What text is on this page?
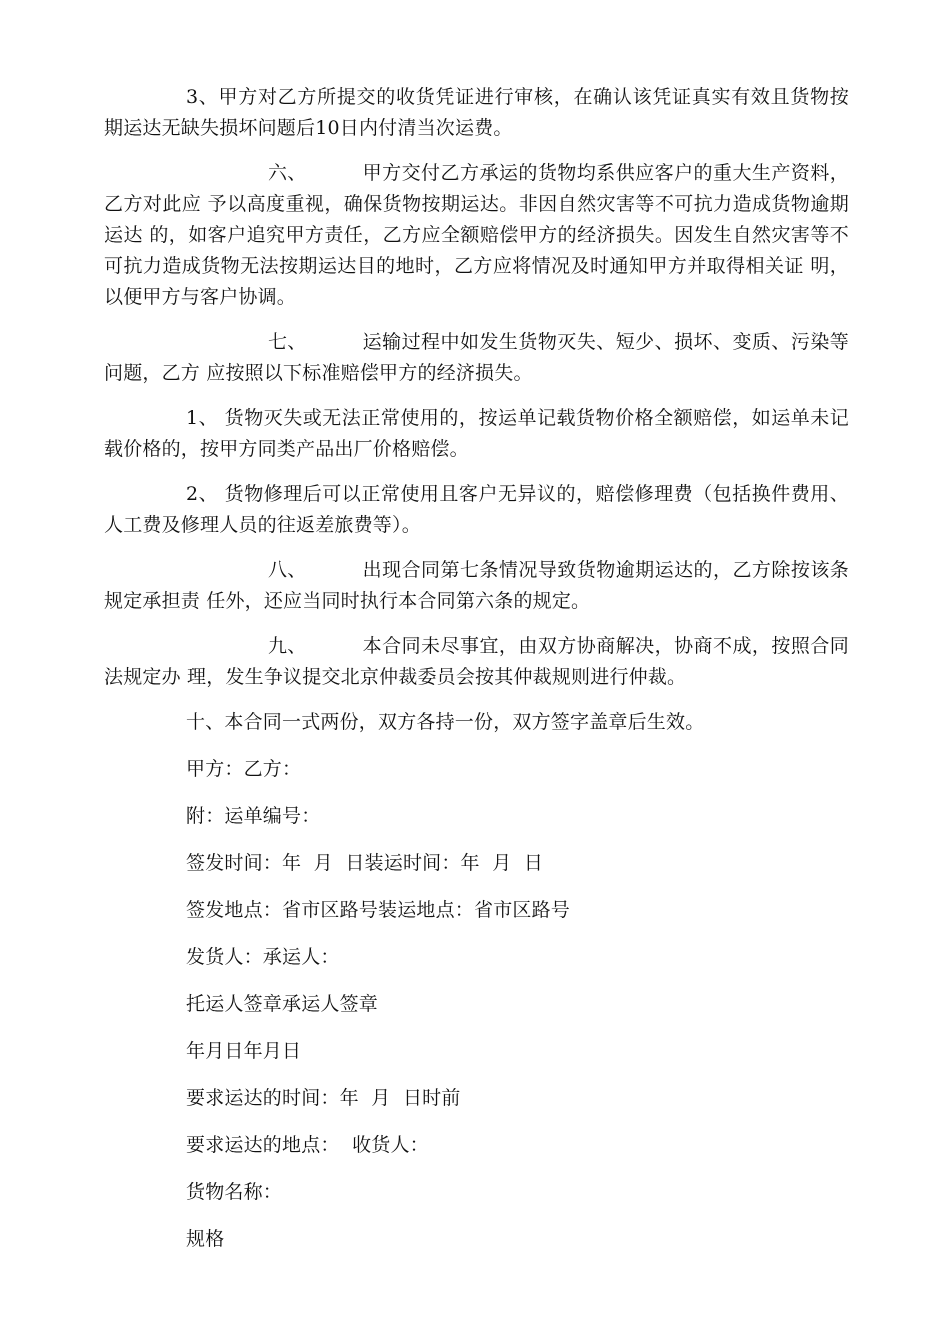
3、甲方对乙方所提交的收货凭证进行审核，在确认该凭证真实有效且货物按期运达无缺失损坏问题后10日内付清当次运费。

六、	甲方交付乙方承运的货物均系供应客户的重大生产资料，乙方对此应 予以高度重视，确保货物按期运达。非因自然灾害等不可抗力造成货物逾期运达 的，如客户追究甲方责任，乙方应全额赔偿甲方的经济损失。因发生自然灾害等不 可抗力造成货物无法按期运达目的地时，乙方应将情况及时通知甲方并取得相关证 明，以便甲方与客户协调。

七、	运输过程中如发生货物灭失、短少、损坏、变质、污染等问题，乙方 应按照以下标准赔偿甲方的经济损失。

1、 货物灭失或无法正常使用的，按运单记载货物价格全额赔偿，如运单未记载价格的，按甲方同类产品出厂价格赔偿。

2、 货物修理后可以正常使用且客户无异议的，赔偿修理费（包括换件费用、人工费及修理人员的往返差旅费等）。

八、	出现合同第七条情况导致货物逾期运达的，乙方除按该条规定承担责 任外，还应当同时执行本合同第六条的规定。

九、	本合同未尽事宜，由双方协商解决，协商不成，按照合同法规定办 理，发生争议提交北京仲裁委员会按其仲裁规则进行仲裁。

十、本合同一式两份，双方各持一份，双方签字盖章后生效。
甲方：乙方：
附：运单编号：
签发时间：年  月  日装运时间：年  月  日
签发地点：省市区路号装运地点：省市区路号
发货人：承运人：
托运人签章承运人签章
年月日年月日
要求运达的时间：年  月  日时前
要求运达的地点：  收货人：
货物名称：
规格
